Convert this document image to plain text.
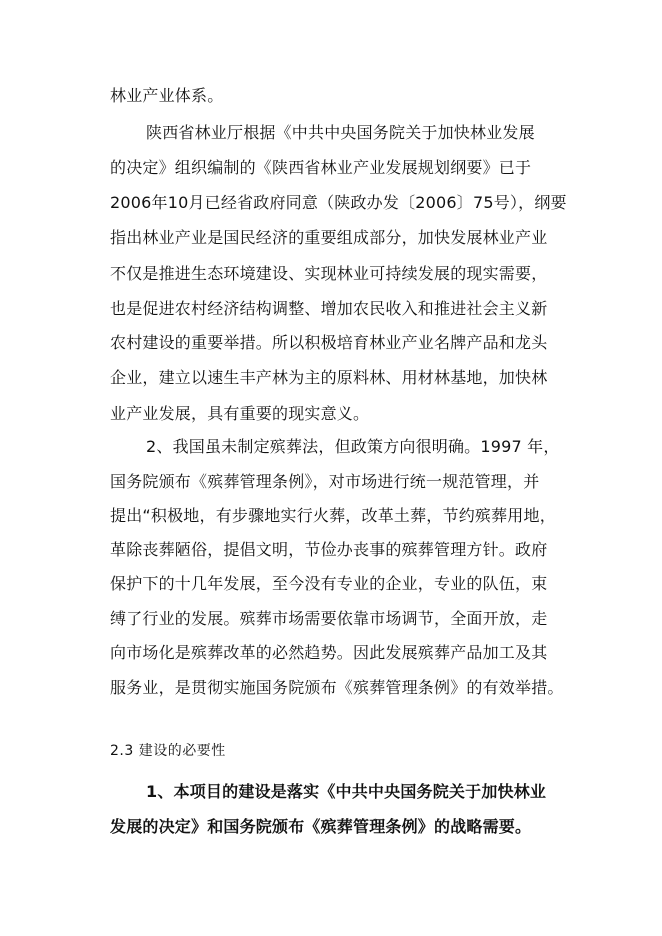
林业产业体系。
陕西省林业厅根据《中共中央国务院关于加快林业发展
的决定》组织编制的《陕西省林业产业发展规划纲要》已于
2006年10月已经省政府同意（陕政办发〔2006〕75号），纲要
指出林业产业是国民经济的重要组成部分，加快发展林业产业
不仅是推进生态环境建设、实现林业可持续发展的现实需要，
也是促进农村经济结构调整、增加农民收入和推进社会主义新
农村建设的重要举措。所以积极培育林业产业名牌产品和龙头
企业，建立以速生丰产林为主的原料林、用材林基地，加快林
业产业发展，具有重要的现实意义。
2、我国虽未制定殡葬法，但政策方向很明确。1997 年，
国务院颁布《殡葬管理条例》，对市场进行统一规范管理，并
提出“积极地，有步骤地实行火葬，改革土葬，节约殡葬用地，
革除丧葬陋俗，提倡文明，节俭办丧事的殡葬管理方针。政府
保护下的十几年发展，至今没有专业的企业，专业的队伍，束
缚了行业的发展。殡葬市场需要依靠市场调节，全面开放，走
向市场化是殡葬改革的必然趋势。因此发展殡葬产品加工及其
服务业，是贯彻实施国务院颁布《殡葬管理条例》的有效举措。
2.3 建设的必要性
1、本项目的建设是落实《中共中央国务院关于加快林业
发展的决定》和国务院颁布《殡葬管理条例》的战略需要。
